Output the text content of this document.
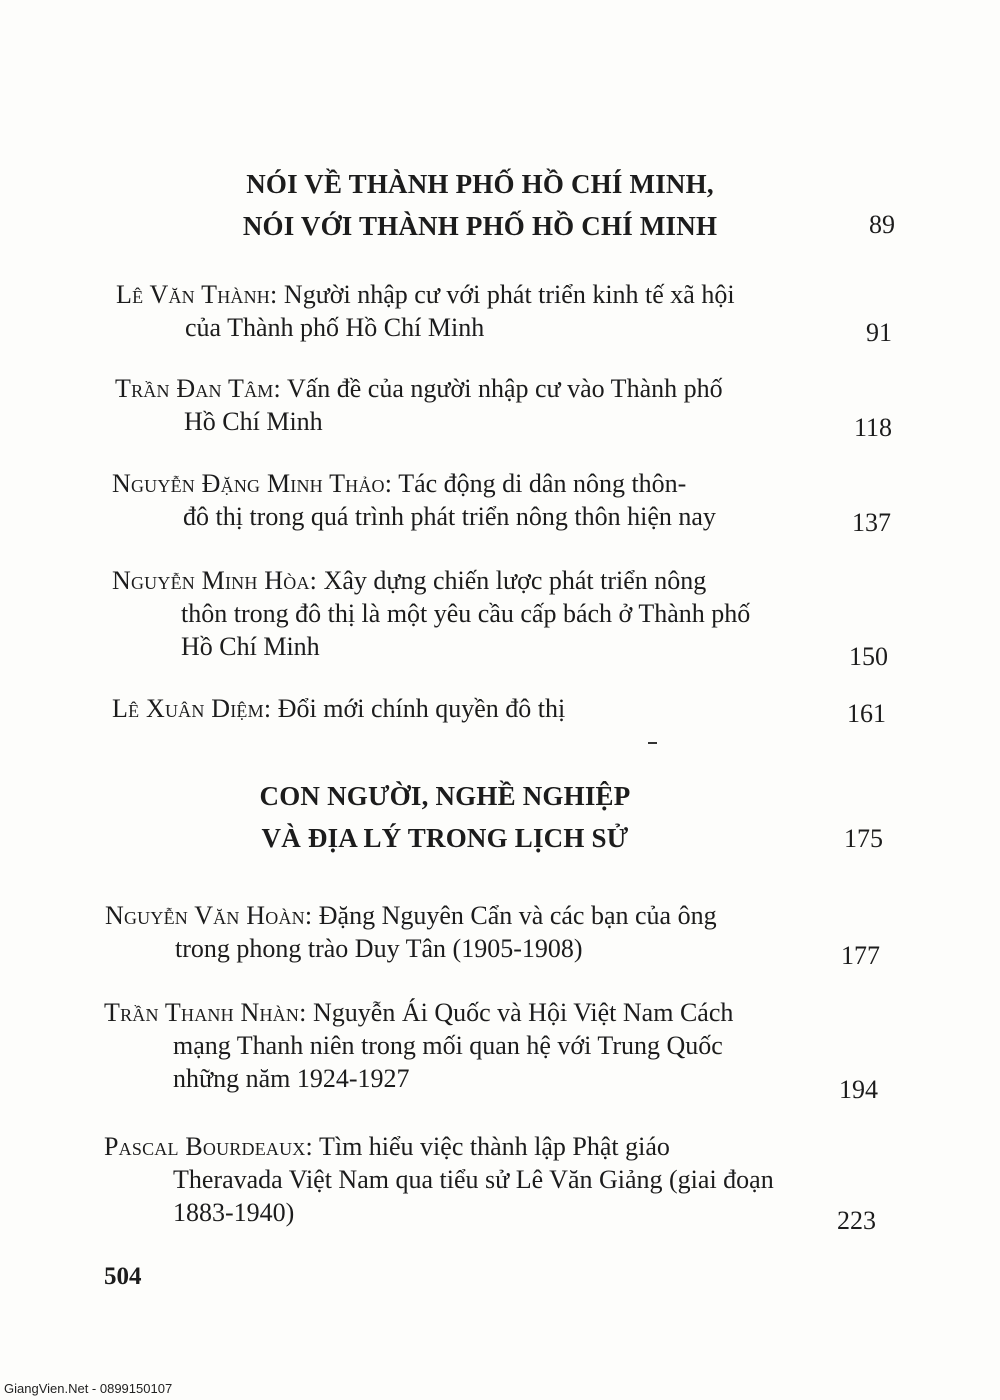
NÓI VỀ THÀNH PHỐ HỒ CHÍ MINH,
NÓI VỚI THÀNH PHỐ HỒ CHÍ MINH	89
Lê Văn Thành: Người nhập cư với phát triển kinh tế xã hội
của Thành phố Hồ Chí Minh	91
Trần Đan Tâm: Vấn đề của người nhập cư vào Thành phố
Hồ Chí Minh	118
Nguyễn Đặng Minh Thảo: Tác động di dân nông thôn-
đô thị trong quá trình phát triển nông thôn hiện nay	137
Nguyễn Minh Hòa: Xây dựng chiến lược phát triển nông
thôn trong đô thị là một yêu cầu cấp bách ở Thành phố
Hồ Chí Minh	150
Lê Xuân Diệm: Đổi mới chính quyền đô thị	161
CON NGƯỜI, NGHỀ NGHIỆP
VÀ ĐỊA LÝ TRONG LỊCH SỬ	175
Nguyễn Văn Hoàn: Đặng Nguyên Cẩn và các bạn của ông
trong phong trào Duy Tân (1905-1908)	177
Trần Thanh Nhàn: Nguyễn Ái Quốc và Hội Việt Nam Cách
mạng Thanh niên trong mối quan hệ với Trung Quốc
những năm 1924-1927	194
Pascal Bourdeaux: Tìm hiểu việc thành lập Phật giáo
Theravada Việt Nam qua tiểu sử Lê Văn Giảng (giai đoạn
1883-1940)	223
504
GiangVien.Net - 0899150107
